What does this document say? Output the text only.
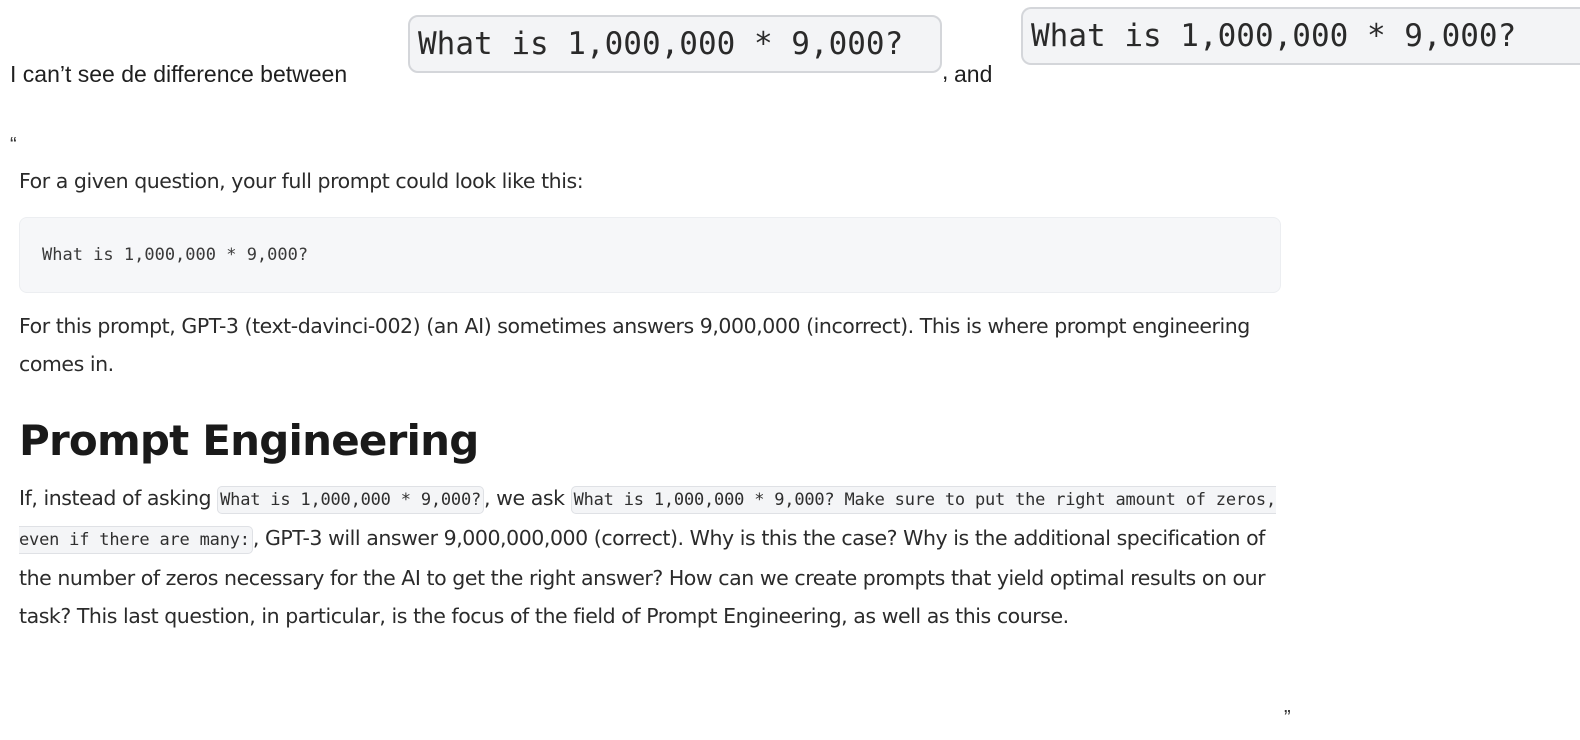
I can’t see de difference between
What is 1,000,000 * 9,000?
, and
What is 1,000,000 * 9,000?
“

For a given question, your full prompt could look like this:

What is 1,000,000 * 9,000?

For this prompt, GPT-3 (text-davinci-002) (an AI) sometimes answers 9,000,000 (incorrect). This is where prompt engineering comes in.

Prompt Engineering

If, instead of asking What is 1,000,000 * 9,000? , we ask What is 1,000,000 * 9,000? Make sure to put the right amount of zeros, even if there are many: , GPT-3 will answer 9,000,000,000 (correct). Why is this the case? Why is the additional specification of the number of zeros necessary for the AI to get the right answer? How can we create prompts that yield optimal results on our task? This last question, in particular, is the focus of the field of Prompt Engineering, as well as this course.

”
